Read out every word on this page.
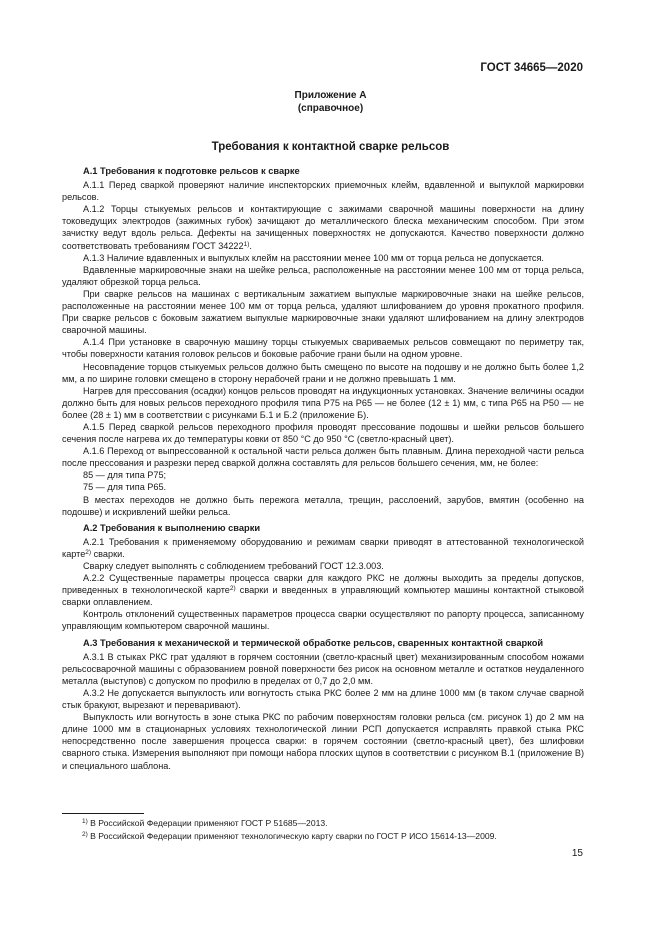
ГОСТ 34665—2020
Приложение А
(справочное)
Требования к контактной сварке рельсов
А.1 Требования к подготовке рельсов к сварке

А.1.1 Перед сваркой проверяют наличие инспекторских приемочных клейм, вдавленной и выпуклой маркировки рельсов.

А.1.2 Торцы стыкуемых рельсов и контактирующие с зажимами сварочной машины поверхности на длину токоведущих электродов (зажимных губок) зачищают до металлического блеска механическим способом. При этом зачистку ведут вдоль рельса. Дефекты на зачищенных поверхностях не допускаются. Качество поверхности должно соответствовать требованиям ГОСТ 34222$^{1)}$.

А.1.3 Наличие вдавленных и выпуклых клейм на расстоянии менее 100 мм от торца рельса не допускается.

Вдавленные маркировочные знаки на шейке рельса, расположенные на расстоянии менее 100 мм от торца рельса, удаляют обрезкой торца рельса.

При сварке рельсов на машинах с вертикальным зажатием выпуклые маркировочные знаки на шейке рельсов, расположенные на расстоянии менее 100 мм от торца рельса, удаляют шлифованием до уровня прокатного профиля. При сварке рельсов с боковым зажатием выпуклые маркировочные знаки удаляют шлифованием на длину электродов сварочной машины.

А.1.4 При установке в сварочную машину торцы стыкуемых свариваемых рельсов совмещают по периметру так, чтобы поверхности катания головок рельсов и боковые рабочие грани были на одном уровне.

Несовпадение торцов стыкуемых рельсов должно быть смещено по высоте на подошву и не должно быть более 1,2 мм, а по ширине головки смещено в сторону нерабочей грани и не должно превышать 1 мм.

Нагрев для прессования (осадки) концов рельсов проводят на индукционных установках. Значение величины осадки должно быть для новых рельсов переходного профиля типа Р75 на Р65 — не более (12 ± 1) мм, с типа Р65 на Р50 — не более (28 ± 1) мм в соответствии с рисунками Б.1 и Б.2 (приложение Б).

А.1.5 Перед сваркой рельсов переходного профиля проводят прессование подошвы и шейки рельсов большего сечения после нагрева их до температуры ковки от 850 °С до 950 °С (светло-красный цвет).

А.1.6 Переход от выпрессованной к остальной части рельса должен быть плавным. Длина переходной части рельса после прессования и разрезки перед сваркой должна составлять для рельсов большего сечения, мм, не более:

85 — для типа Р75;

75 — для типа Р65.

В местах переходов не должно быть пережога металла, трещин, расслоений, зарубов, вмятин (особенно на подошве) и искривлений шейки рельса.

А.2 Требования к выполнению сварки

А.2.1 Требования к применяемому оборудованию и режимам сварки приводят в аттестованной технологической карте$^{2)}$ сварки.

Сварку следует выполнять с соблюдением требований ГОСТ 12.3.003.

А.2.2 Существенные параметры процесса сварки для каждого РКС не должны выходить за пределы допусков, приведенных в технологической карте$^{2)}$ сварки и введенных в управляющий компьютер машины контактной стыковой сварки оплавлением.

Контроль отклонений существенных параметров процесса сварки осуществляют по рапорту процесса, записанному управляющим компьютером сварочной машины.

А.3 Требования к механической и термической обработке рельсов, сваренных контактной сваркой

А.3.1 В стыках РКС грат удаляют в горячем состоянии (светло-красный цвет) механизированным способом ножами рельсосварочной машины с образованием ровной поверхности без рисок на основном металле и остатков неудаленного металла (выступов) с допуском по профилю в пределах от 0,7 до 2,0 мм.

А.3.2 Не допускается выпуклость или вогнутость стыка РКС более 2 мм на длине 1000 мм (в таком случае сварной стык бракуют, вырезают и переваривают).

Выпуклость или вогнутость в зоне стыка РКС по рабочим поверхностям головки рельса (см. рисунок 1) до 2 мм на длине 1000 мм в стационарных условиях технологической линии РСП допускается исправлять правкой стыка РКС непосредственно после завершения процесса сварки: в горячем состоянии (светло-красный цвет), без шлифовки сварного стыка. Измерения выполняют при помощи набора плоских щупов в соответствии с рисунком В.1 (приложение В) и специального шаблона.

$^{1)}$ В Российской Федерации применяют ГОСТ Р 51685—2013.
$^{2)}$ В Российской Федерации применяют технологическую карту сварки по ГОСТ Р ИСО 15614-13—2009.
15
